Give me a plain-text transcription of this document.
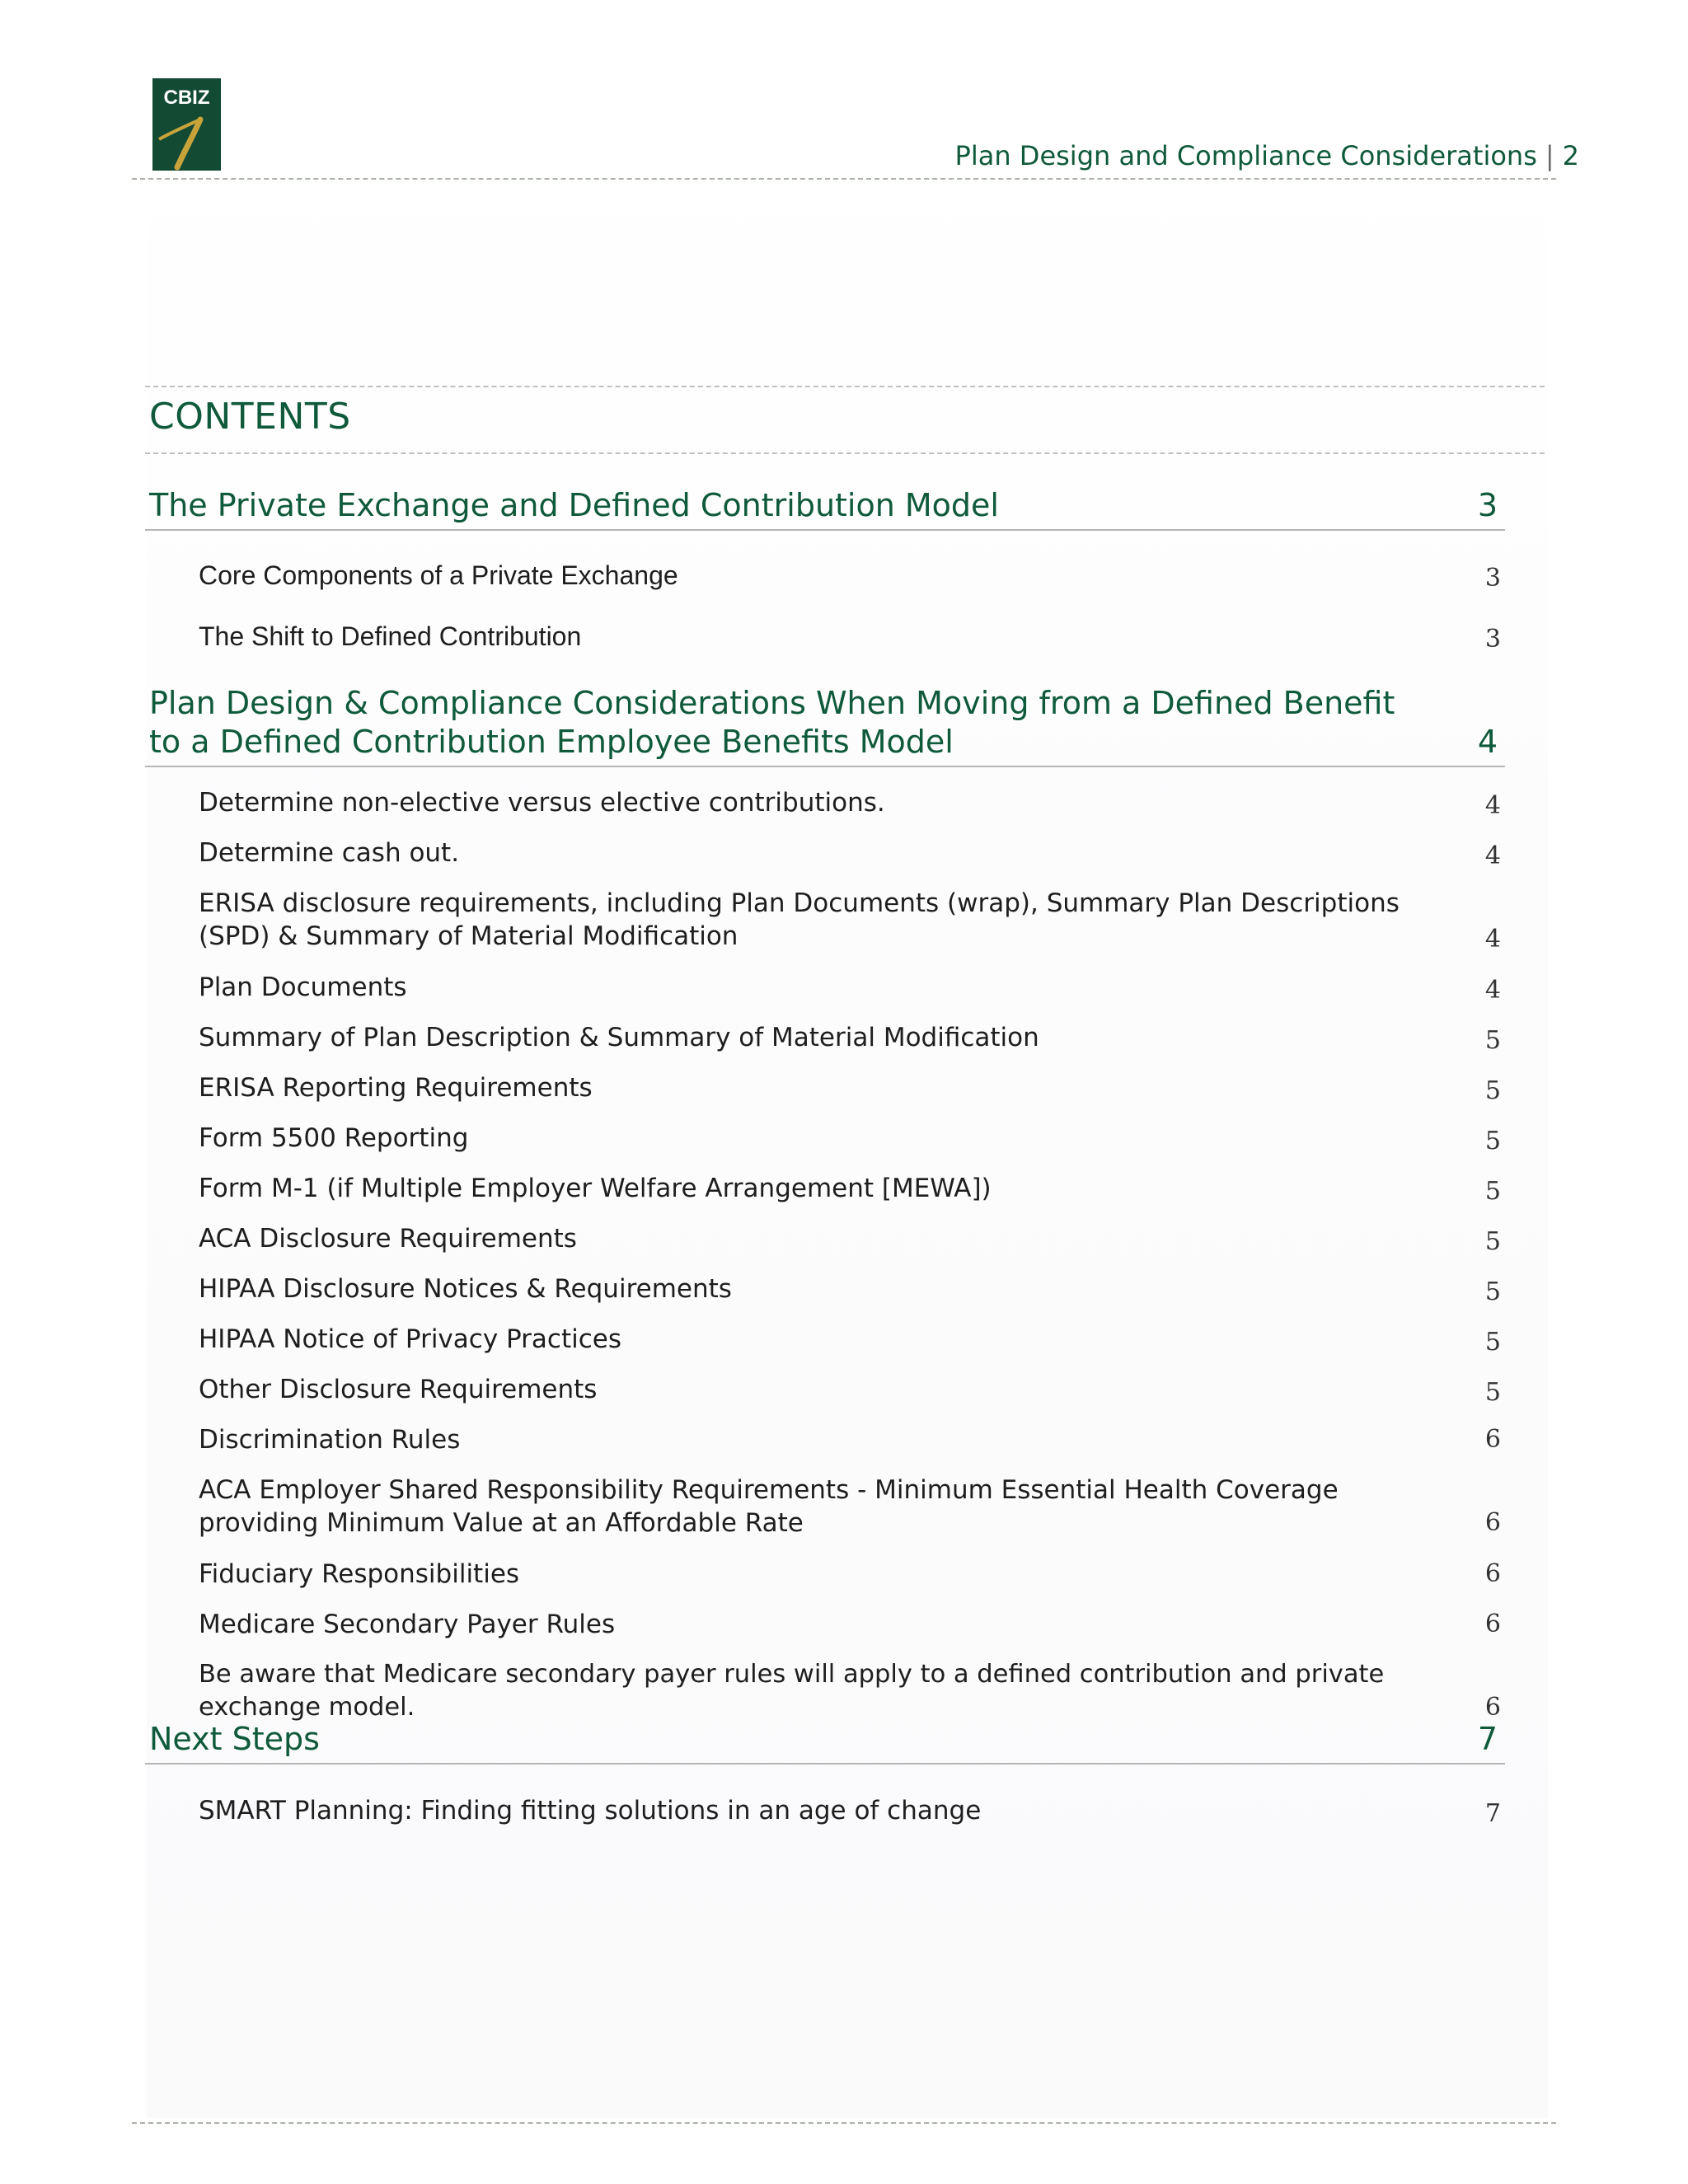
CBIZ
Plan Design and Compliance Considerations | 2
CONTENTS
The Private Exchange and Defined Contribution Model	3
Core Components of a Private Exchange	3
The Shift to Defined Contribution	3
Plan Design & Compliance Considerations When Moving from a Defined Benefit to a Defined Contribution Employee Benefits Model	4
Determine non-elective versus elective contributions.	4
Determine cash out.	4
ERISA disclosure requirements, including Plan Documents (wrap), Summary Plan Descriptions (SPD) & Summary of Material Modification	4
Plan Documents	4
Summary of Plan Description & Summary of Material Modification	5
ERISA Reporting Requirements	5
Form 5500 Reporting	5
Form M-1 (if Multiple Employer Welfare Arrangement [MEWA])	5
ACA Disclosure Requirements	5
HIPAA Disclosure Notices & Requirements	5
HIPAA Notice of Privacy Practices	5
Other Disclosure Requirements	5
Discrimination Rules	6
ACA Employer Shared Responsibility Requirements - Minimum Essential Health Coverage providing Minimum Value at an Affordable Rate	6
Fiduciary Responsibilities	6
Medicare Secondary Payer Rules	6
Be aware that Medicare secondary payer rules will apply to a defined contribution and private exchange model.	6
Next Steps	7
SMART Planning: Finding fitting solutions in an age of change	7
